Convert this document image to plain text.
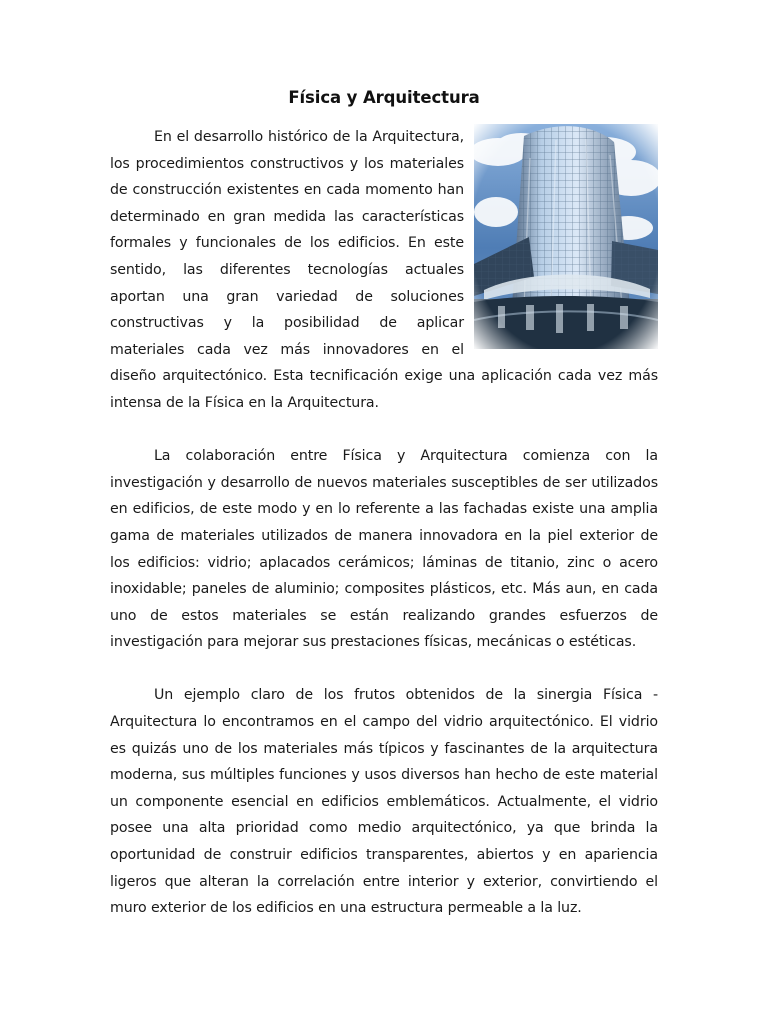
Física y Arquitectura

En el desarrollo histórico de la Arquitectura, los procedimientos constructivos y los materiales de construcción existentes en cada momento han determinado en gran medida las características formales y funcionales de los edificios. En este sentido, las diferentes tecnologías actuales aportan una gran variedad de soluciones constructivas y la posibilidad de aplicar materiales cada vez más innovadores en el diseño arquitectónico. Esta tecnificación exige una aplicación cada vez más intensa de la Física en la Arquitectura.

La colaboración entre Física y Arquitectura comienza con la investigación y desarrollo de nuevos materiales susceptibles de ser utilizados en edificios, de este modo y en lo referente a las fachadas existe una amplia gama de materiales utilizados de manera innovadora en la piel exterior de los edificios: vidrio; aplacados cerámicos; láminas de titanio, zinc o acero inoxidable; paneles de aluminio; composites plásticos, etc. Más aun, en cada uno de estos materiales se están realizando grandes esfuerzos de investigación para mejorar sus prestaciones físicas, mecánicas o estéticas.

Un ejemplo claro de los frutos obtenidos de la sinergia Física - Arquitectura lo encontramos en el campo del vidrio arquitectónico. El vidrio es quizás uno de los materiales más típicos y fascinantes de la arquitectura moderna, sus múltiples funciones y usos diversos han hecho de este material un componente esencial en edificios emblemáticos. Actualmente, el vidrio posee una alta prioridad como medio arquitectónico, ya que brinda la oportunidad de construir edificios transparentes, abiertos y en apariencia ligeros que alteran la correlación entre interior y exterior, convirtiendo el muro exterior de los edificios en una estructura permeable a la luz.
